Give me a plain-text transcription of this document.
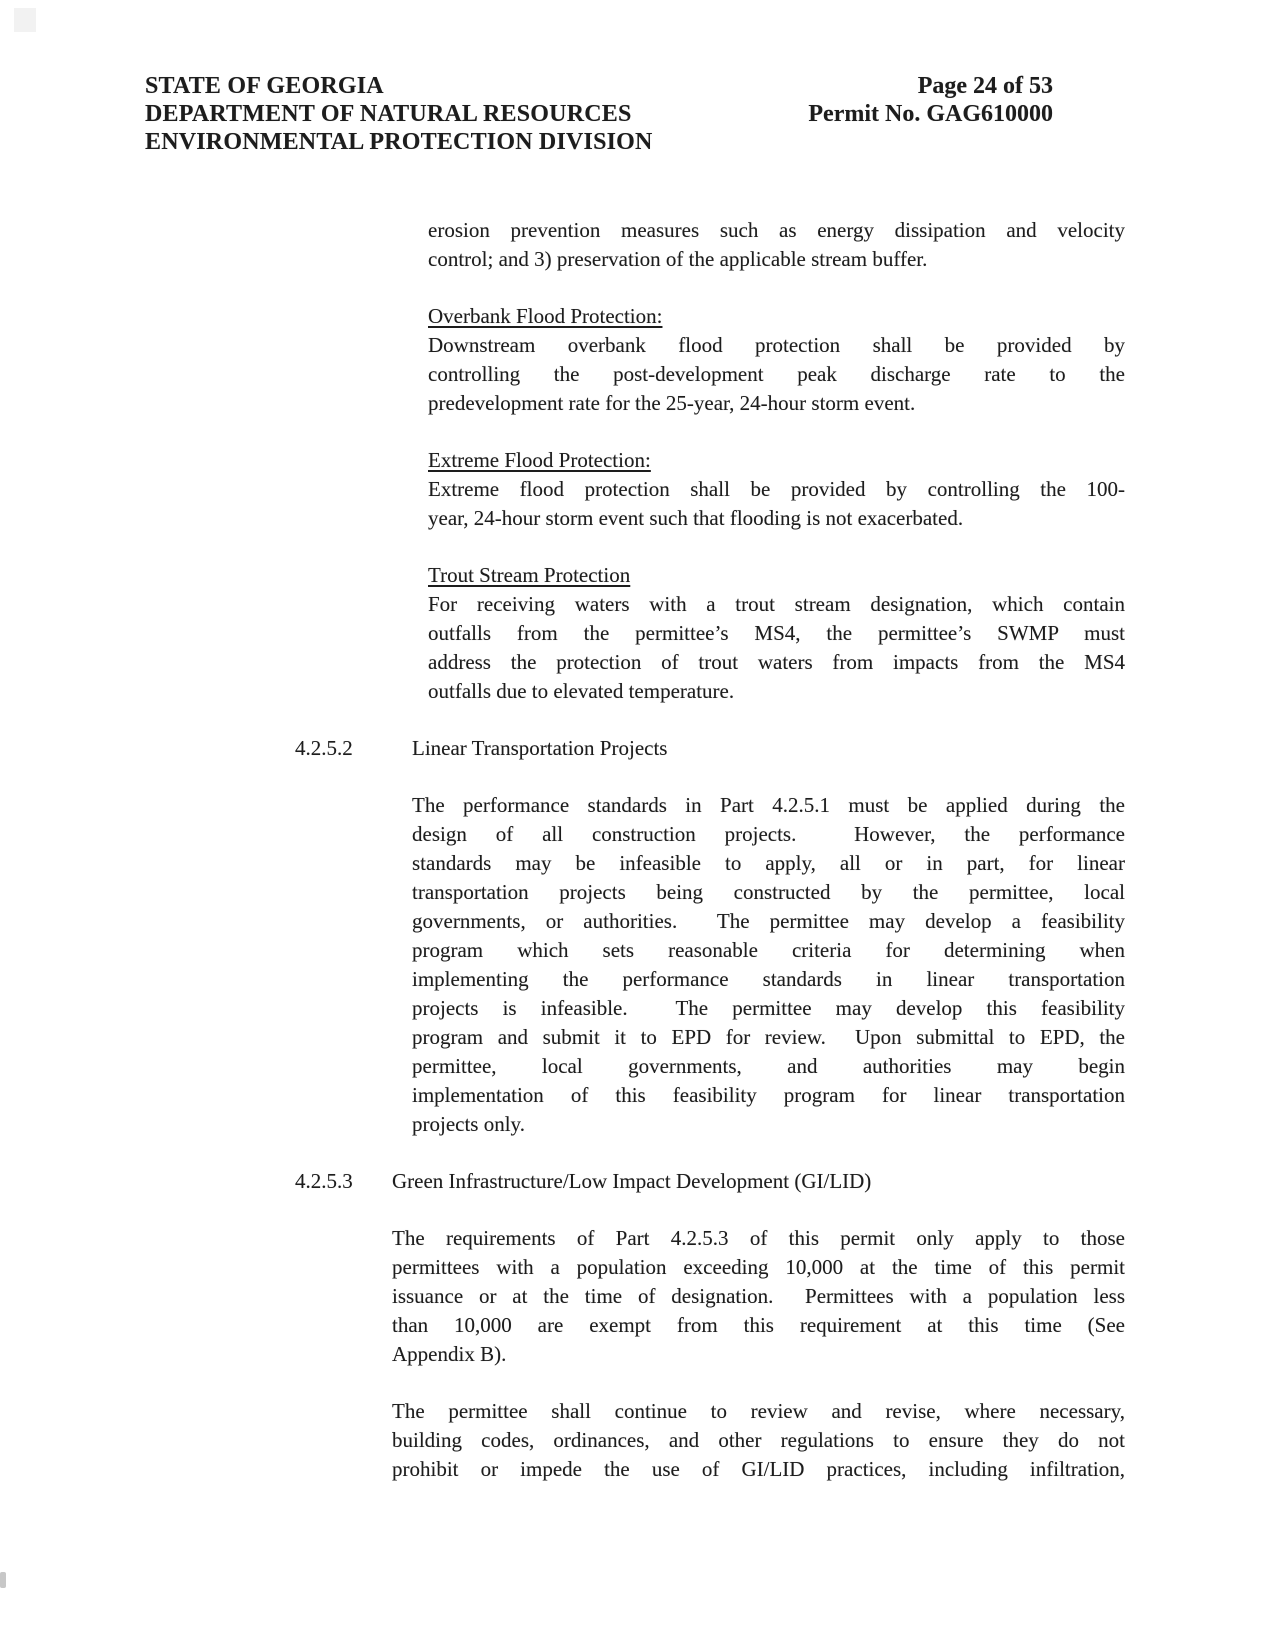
STATE OF GEORGIA
DEPARTMENT OF NATURAL RESOURCES
ENVIRONMENTAL PROTECTION DIVISION
Page 24 of 53
Permit No. GAG610000
erosion prevention measures such as energy dissipation and velocity
control; and 3) preservation of the applicable stream buffer.
Overbank Flood Protection:
Downstream overbank flood protection shall be provided by
controlling the post-development peak discharge rate to the
predevelopment rate for the 25-year, 24-hour storm event.
Extreme Flood Protection:
Extreme flood protection shall be provided by controlling the 100-
year, 24-hour storm event such that flooding is not exacerbated.
Trout Stream Protection
For receiving waters with a trout stream designation, which contain
outfalls from the permittee’s MS4, the permittee’s SWMP must
address the protection of trout waters from impacts from the MS4
outfalls due to elevated temperature.
4.2.5.2	Linear Transportation Projects
The performance standards in Part 4.2.5.1 must be applied during the
design of all construction projects.  However, the performance
standards may be infeasible to apply, all or in part, for linear
transportation projects being constructed by the permittee, local
governments, or authorities.  The permittee may develop a feasibility
program which sets reasonable criteria for determining when
implementing the performance standards in linear transportation
projects is infeasible.  The permittee may develop this feasibility
program and submit it to EPD for review.  Upon submittal to EPD, the
permittee, local governments, and authorities may begin
implementation of this feasibility program for linear transportation
projects only.
4.2.5.3 Green Infrastructure/Low Impact Development (GI/LID)
The requirements of Part 4.2.5.3 of this permit only apply to those
permittees with a population exceeding 10,000 at the time of this permit
issuance or at the time of designation.  Permittees with a population less
than 10,000 are exempt from this requirement at this time (See
Appendix B).
The permittee shall continue to review and revise, where necessary,
building codes, ordinances, and other regulations to ensure they do not
prohibit or impede the use of GI/LID practices, including infiltration,
